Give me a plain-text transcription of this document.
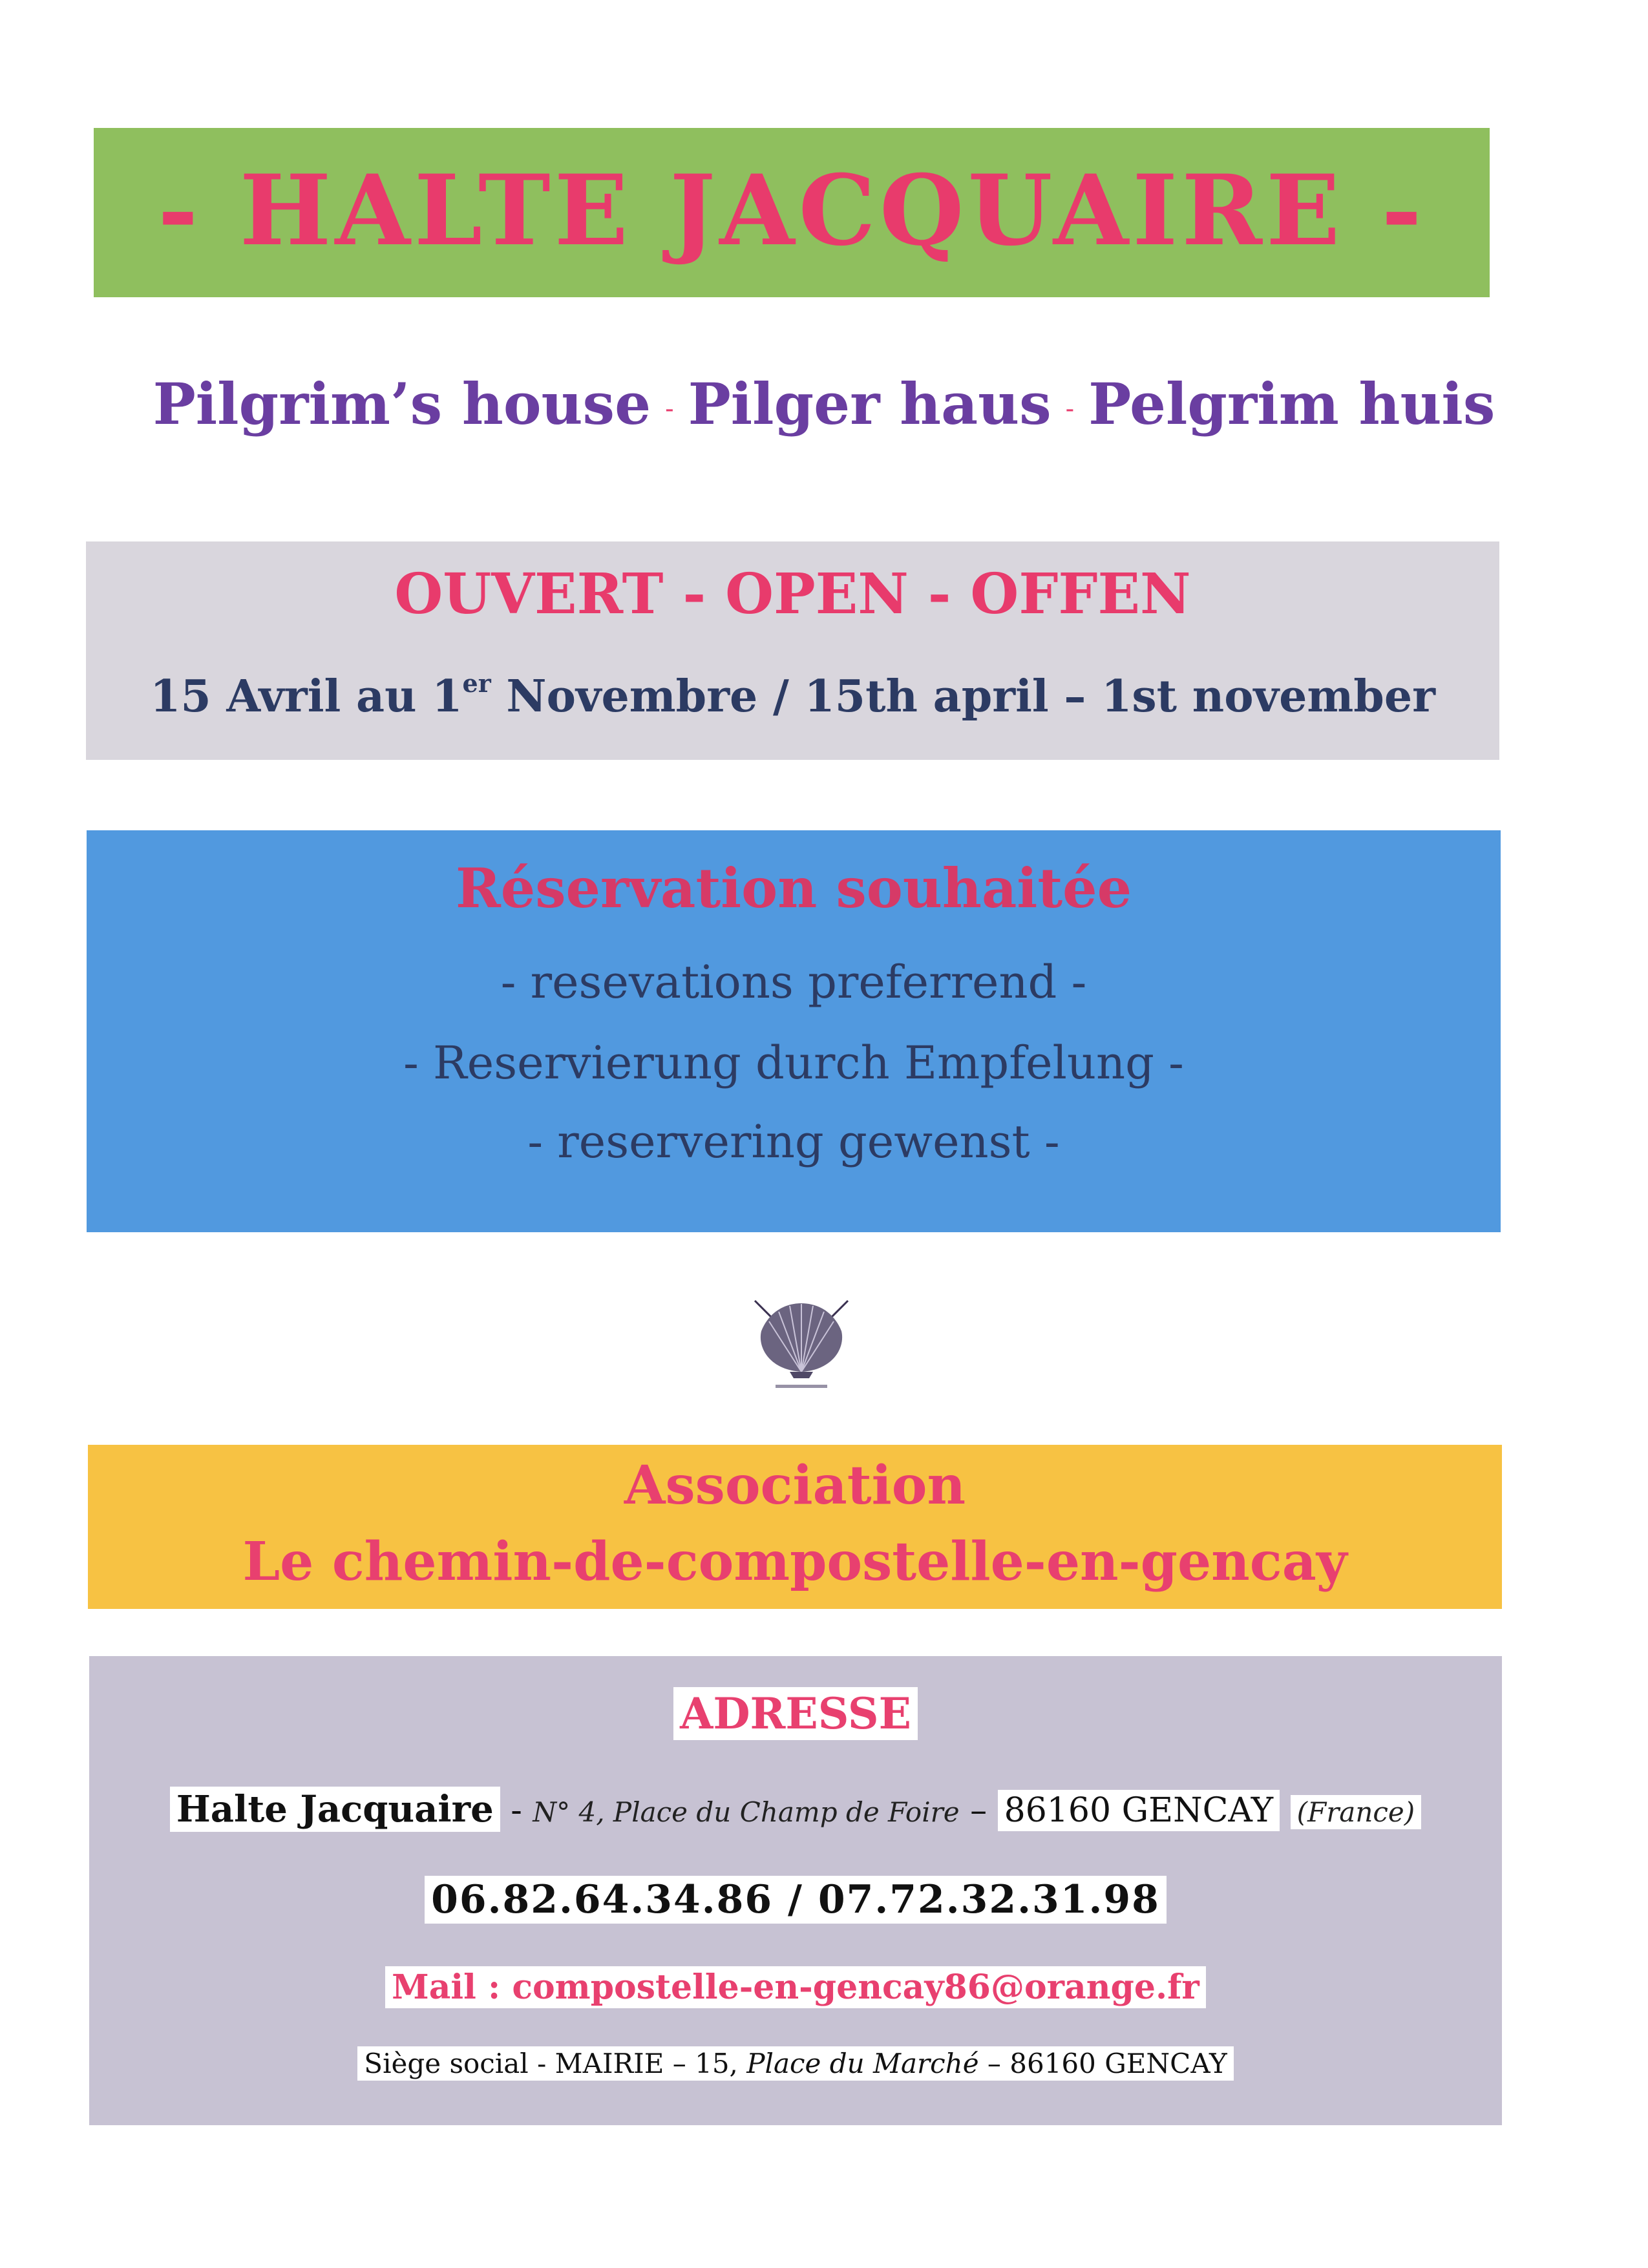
- HALTE JACQUAIRE -
Pilgrim’s house - Pilger haus - Pelgrim huis
OUVERT - OPEN - OFFEN
15 Avril au 1er Novembre / 15th april – 1st november
Réservation souhaitée
- resevations preferrend -
- Reservierung durch Empfelung -
- reservering gewenst -
Association
Le chemin-de-compostelle-en-gencay
ADRESSE
Halte Jacquaire - N° 4, Place du Champ de Foire – 86160 GENCAY (France)
06.82.64.34.86 / 07.72.32.31.98
Mail : compostelle-en-gencay86@orange.fr
Siège social - MAIRIE – 15, Place du Marché – 86160 GENCAY
